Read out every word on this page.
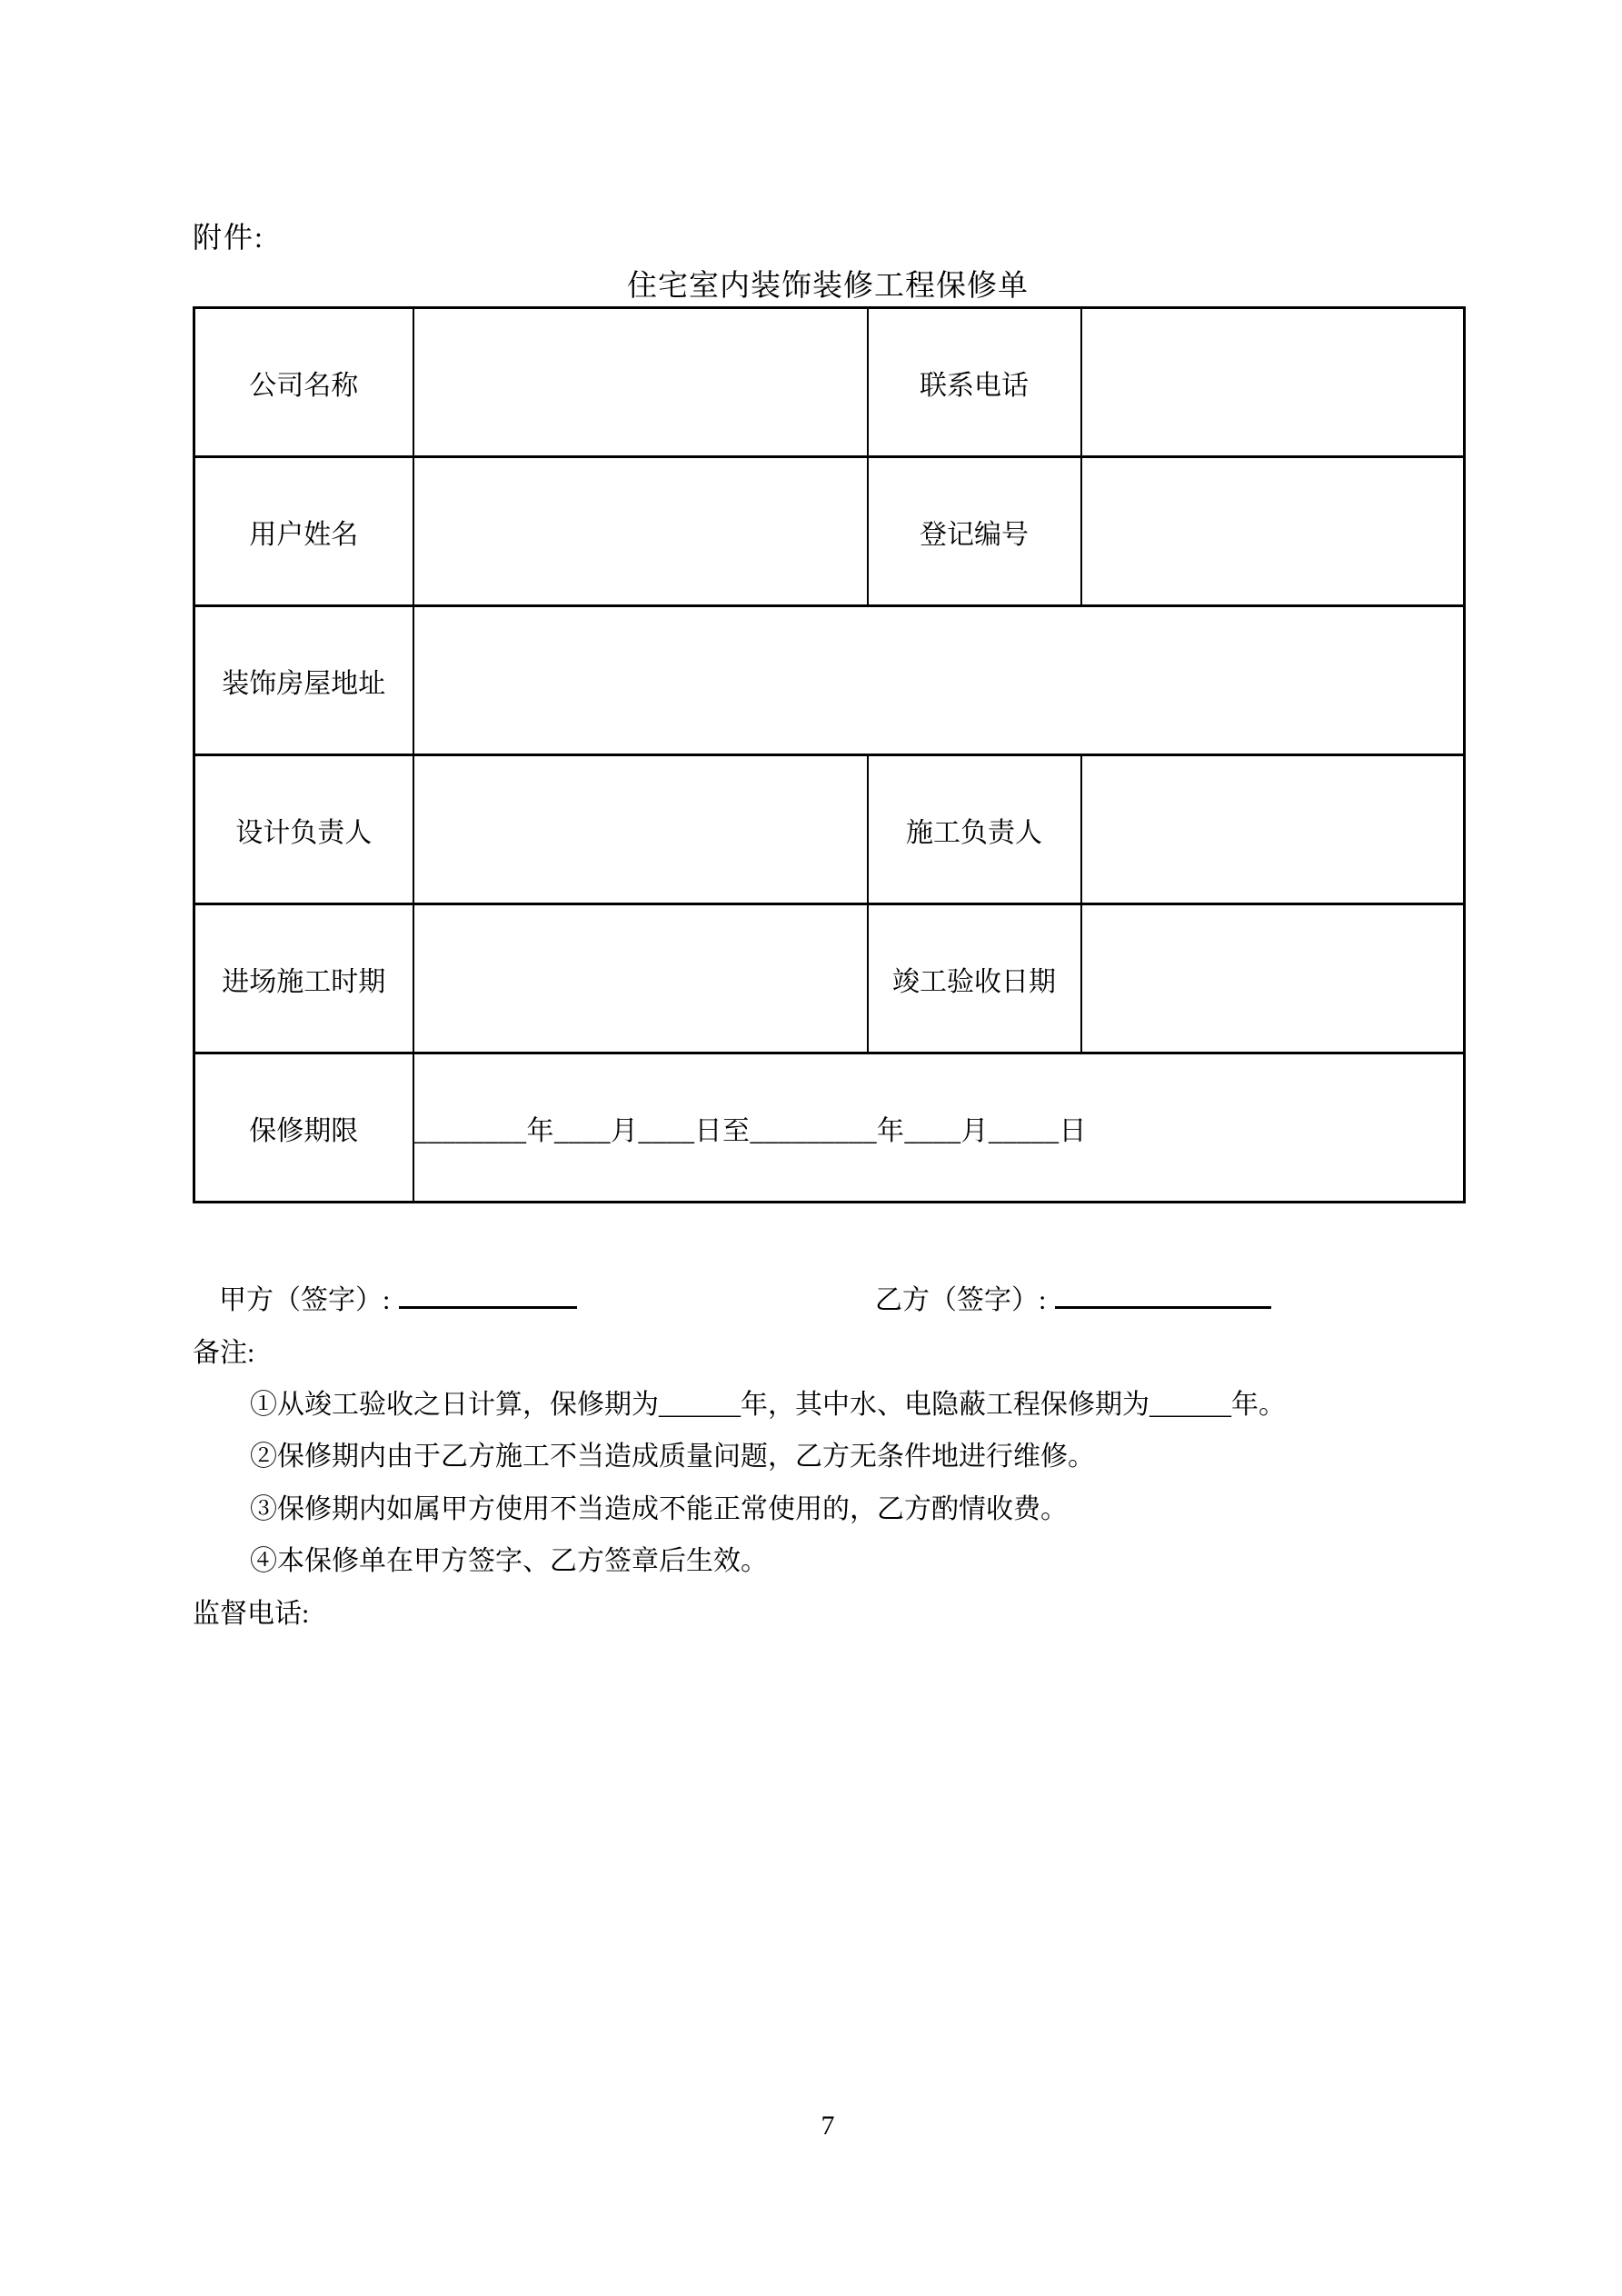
附件:
住宅室内装饰装修工程保修单
公司名称		联系电话	
用户姓名		登记编号	
装饰房屋地址			
设计负责人		施工负责人	
进场施工时期		竣工验收日期	
保修期限	________年____月____日至_________年____月_____日		
甲方（签字）:	乙方（签字）:
备注:
①从竣工验收之日计算，保修期为______年，其中水、电隐蔽工程保修期为______年。
②保修期内由于乙方施工不当造成质量问题，乙方无条件地进行维修。
③保修期内如属甲方使用不当造成不能正常使用的，乙方酌情收费。
④本保修单在甲方签字、乙方签章后生效。
监督电话:
7
